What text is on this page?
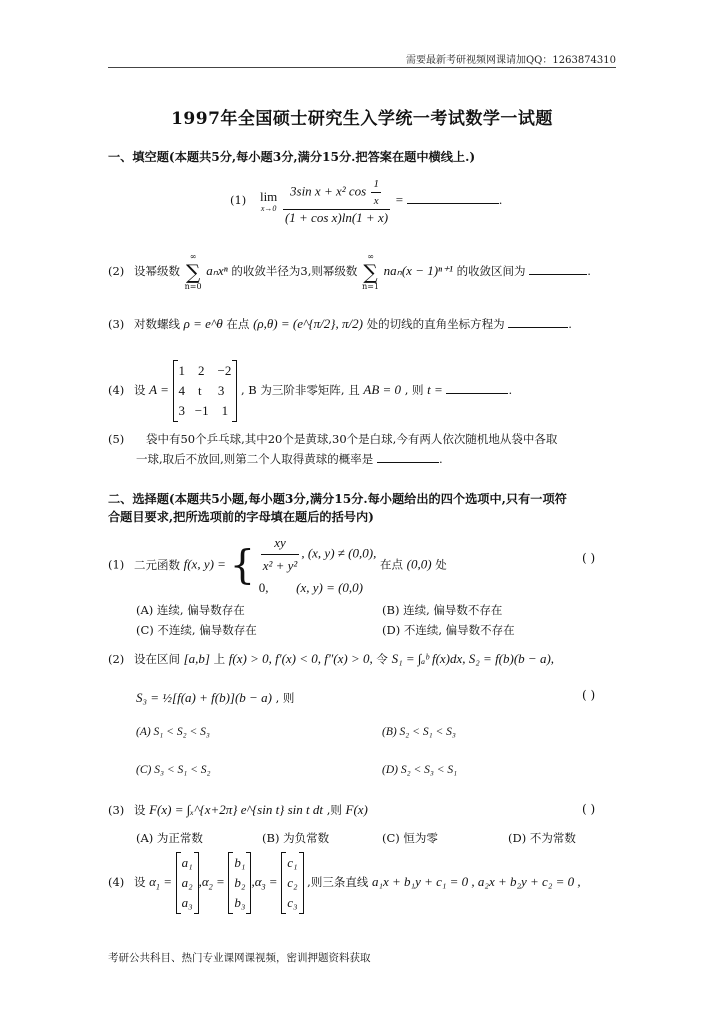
需要最新考研视频网课请加QQ：1263874310
1997年全国硕士研究生入学统一考试数学一试题
一、填空题(本题共5分,每小题3分,满分15分.把答案在题中横线上.)
(1) lim
x→0
$\frac{3\sin x + x^2 \cos \frac{1}{x}}{\text{(1 + cos x)ln(1 + x)}}$ =	.
(2) 设幂级数
∞
∑
n=0
aₙxⁿ 的收敛半径为3,则幂级数
∞
∑
n=1
naₙ(x − 1)ⁿ⁺¹ 的收敛区间为	.
(3) 对数螺线 ρ = e^θ 在点 (ρ,θ) = (e^{π/2}, π/2) 处的切线的直角坐标方程为	.
(4) 设 A =
1    2    −2
4    t     3
3   −1    1
, B 为三阶非零矩阵, 且 AB = 0 , 则 t =	.
(5) 袋中有50个乒乓球,其中20个是黄球,30个是白球,今有两人依次随机地从袋中各取
一球,取后不放回,则第二个人取得黄球的概率是	.
二、选择题(本题共5小题,每小题3分,满分15分.每小题给出的四个选项中,只有一项符
合题目要求,把所选项前的字母填在题后的括号内)
(1) 二元函数 f(x, y) = { $\frac{xy}{\text{x² + y²}}$ , (x, y) ≠ (0,0),
0, (x, y) = (0,0)
在点 (0,0) 处	( )
(A) 连续, 偏导数存在	(B) 连续, 偏导数不存在
(C) 不连续, 偏导数存在	(D) 不连续, 偏导数不存在
(2) 设在区间 [a,b] 上 f(x) > 0, f′(x) < 0, f″(x) > 0, 令 S₁ = ∫ₐᵇ f(x)dx, S₂ = f(b)(b − a),
S₃ = ½[f(a) + f(b)](b − a) , 则	( )
(A) S₁ < S₂ < S₃	(B) S₂ < S₁ < S₃
(C) S₃ < S₁ < S₂	(D) S₂ < S₃ < S₁
(3) 设 F(x) = ∫ₓ^{x+2π} e^{sin t} sin t dt ,则 F(x)	( )
(A) 为正常数	(B) 为负常数	(C) 恒为零	(D) 不为常数
(4) 设 $\alpha_1$ =
a₁
a₂
a₃
$,\alpha_2$ =
b₁
b₂
b₃
$,\alpha_3$ =
c₁
c₂
c₃
,则三条直线 a₁x + b₁y + c₁ = 0 , a₂x + b₂y + c₂ = 0 ,
考研公共科目、热门专业课网课视频，密训押题资料获取
